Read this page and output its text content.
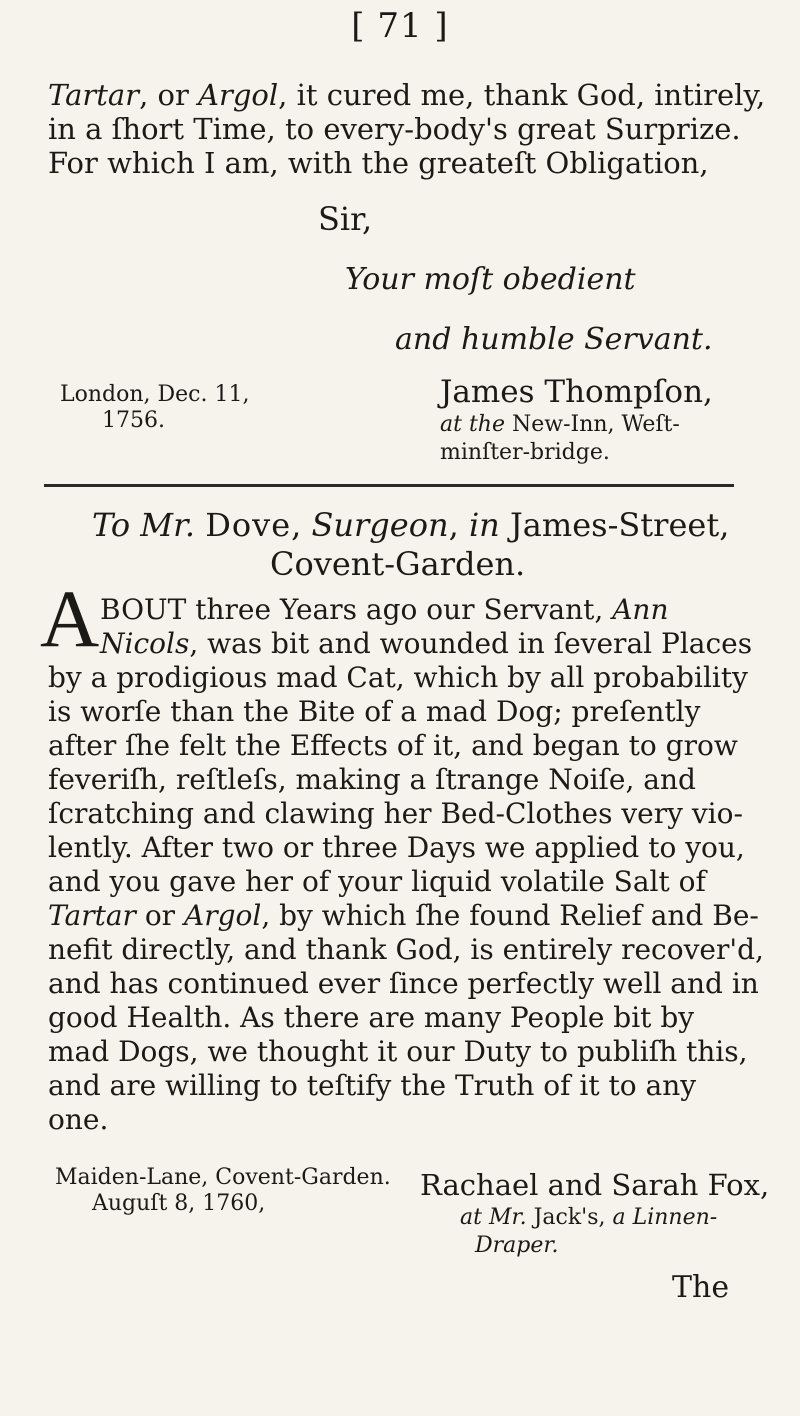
[ 71 ]
Tartar, or Argol, it cured me, thank God, intirely,
in a ſhort Time, to every-body's great Surprize.
For which I am, with the greateſt Obligation,
Sir,
Your moſt obedient
and humble Servant.
London, Dec. 11,
1756.
James Thompſon,
at the New-Inn, Weſt-
minſter-bridge.
To Mr. Dove, Surgeon, in James-Street,
Covent-Garden.
A BOUT three Years ago our Servant, Ann
Nicols, was bit and wounded in ſeveral Places
by a prodigious mad Cat, which by all probability
is worſe than the Bite of a mad Dog; preſently
after ſhe felt the Effects of it, and began to grow
feveriſh, reſtleſs, making a ſtrange Noiſe, and
ſcratching and clawing her Bed-Clothes very vio-
lently. After two or three Days we applied to you,
and you gave her of your liquid volatile Salt of
Tartar or Argol, by which ſhe found Relief and Be-
nefit directly, and thank God, is entirely recover'd,
and has continued ever ſince perfectly well and in
good Health. As there are many People bit by
mad Dogs, we thought it our Duty to publiſh this,
and are willing to teſtify the Truth of it to any
one.
Maiden-Lane, Covent-Garden.
Auguſt 8, 1760,
Rachael and Sarah Fox,
at Mr. Jack's, a Linnen-
Draper.
The
